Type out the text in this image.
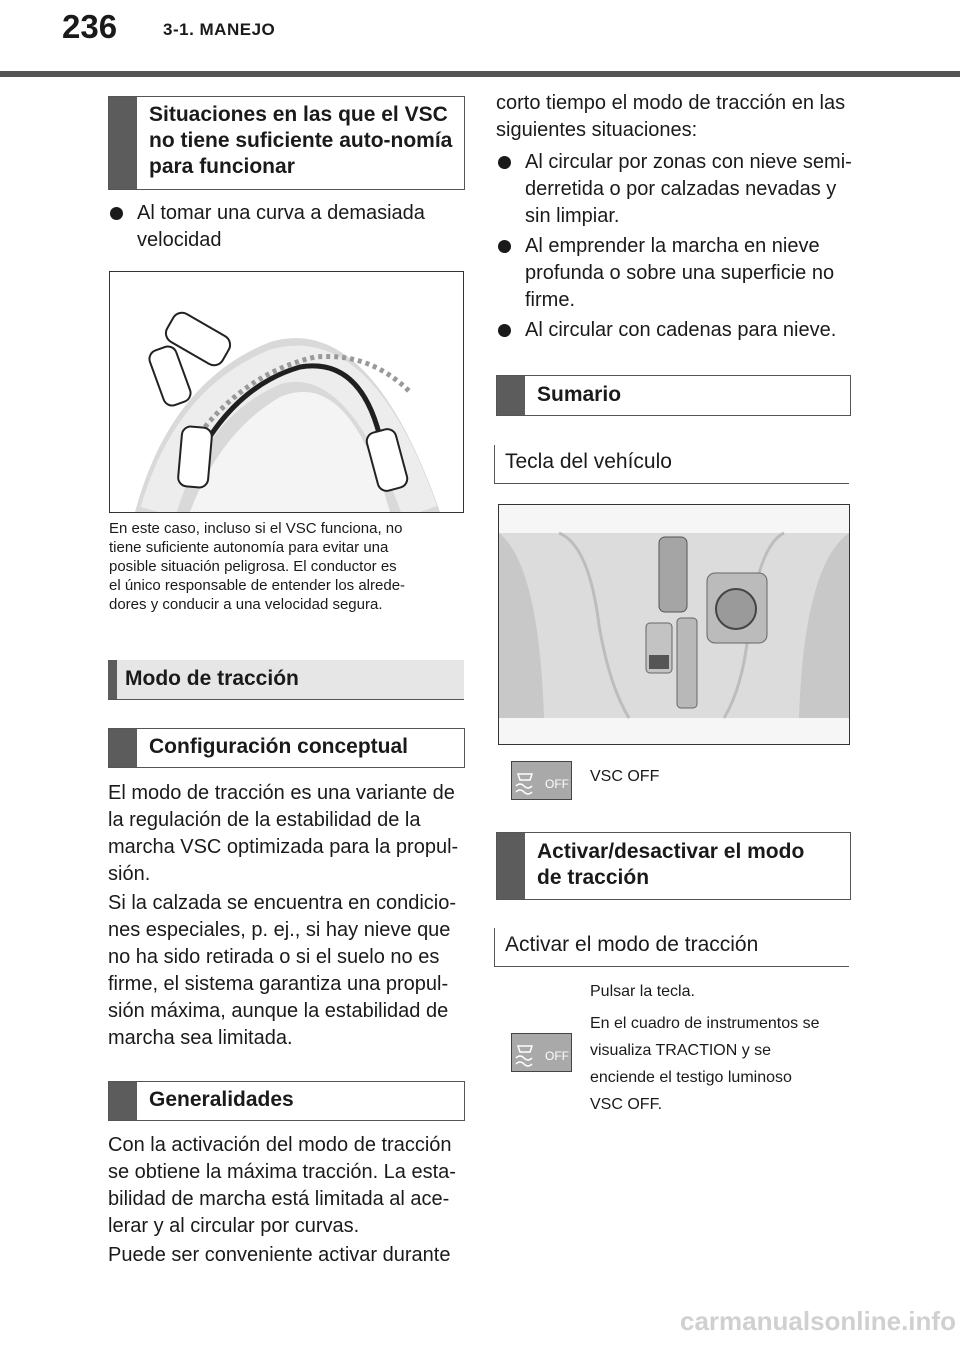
236	3-1. MANEJO
Situaciones en las que el VSC no tiene suficiente auto-nomía para funcionar
Al tomar una curva a demasiada
velocidad
En este caso, incluso si el VSC funciona, no
tiene suficiente autonomía para evitar una
posible situación peligrosa. El conductor es
el único responsable de entender los alrede-
dores y conducir a una velocidad segura.
Modo de tracción
Configuración conceptual
El modo de tracción es una variante de
la regulación de la estabilidad de la
marcha VSC optimizada para la propul-
sión.
Si la calzada se encuentra en condicio-
nes especiales, p. ej., si hay nieve que
no ha sido retirada o si el suelo no es
firme, el sistema garantiza una propul-
sión máxima, aunque la estabilidad de
marcha sea limitada.
Generalidades
Con la activación del modo de tracción
se obtiene la máxima tracción. La esta-
bilidad de marcha está limitada al ace-
lerar y al circular por curvas.
Puede ser conveniente activar durante
corto tiempo el modo de tracción en las
siguientes situaciones:
Al circular por zonas con nieve semi-
derretida o por calzadas nevadas y
sin limpiar.
Al emprender la marcha en nieve
profunda o sobre una superficie no
firme.
Al circular con cadenas para nieve.
Sumario
Tecla del vehículo
OFF VSC OFF
Activar/desactivar el modo
de tracción
Activar el modo de tracción
Pulsar la tecla.
OFF
En el cuadro de instrumentos se
visualiza TRACTION y se
enciende el testigo luminoso
VSC OFF.
carmanualsonline.info
